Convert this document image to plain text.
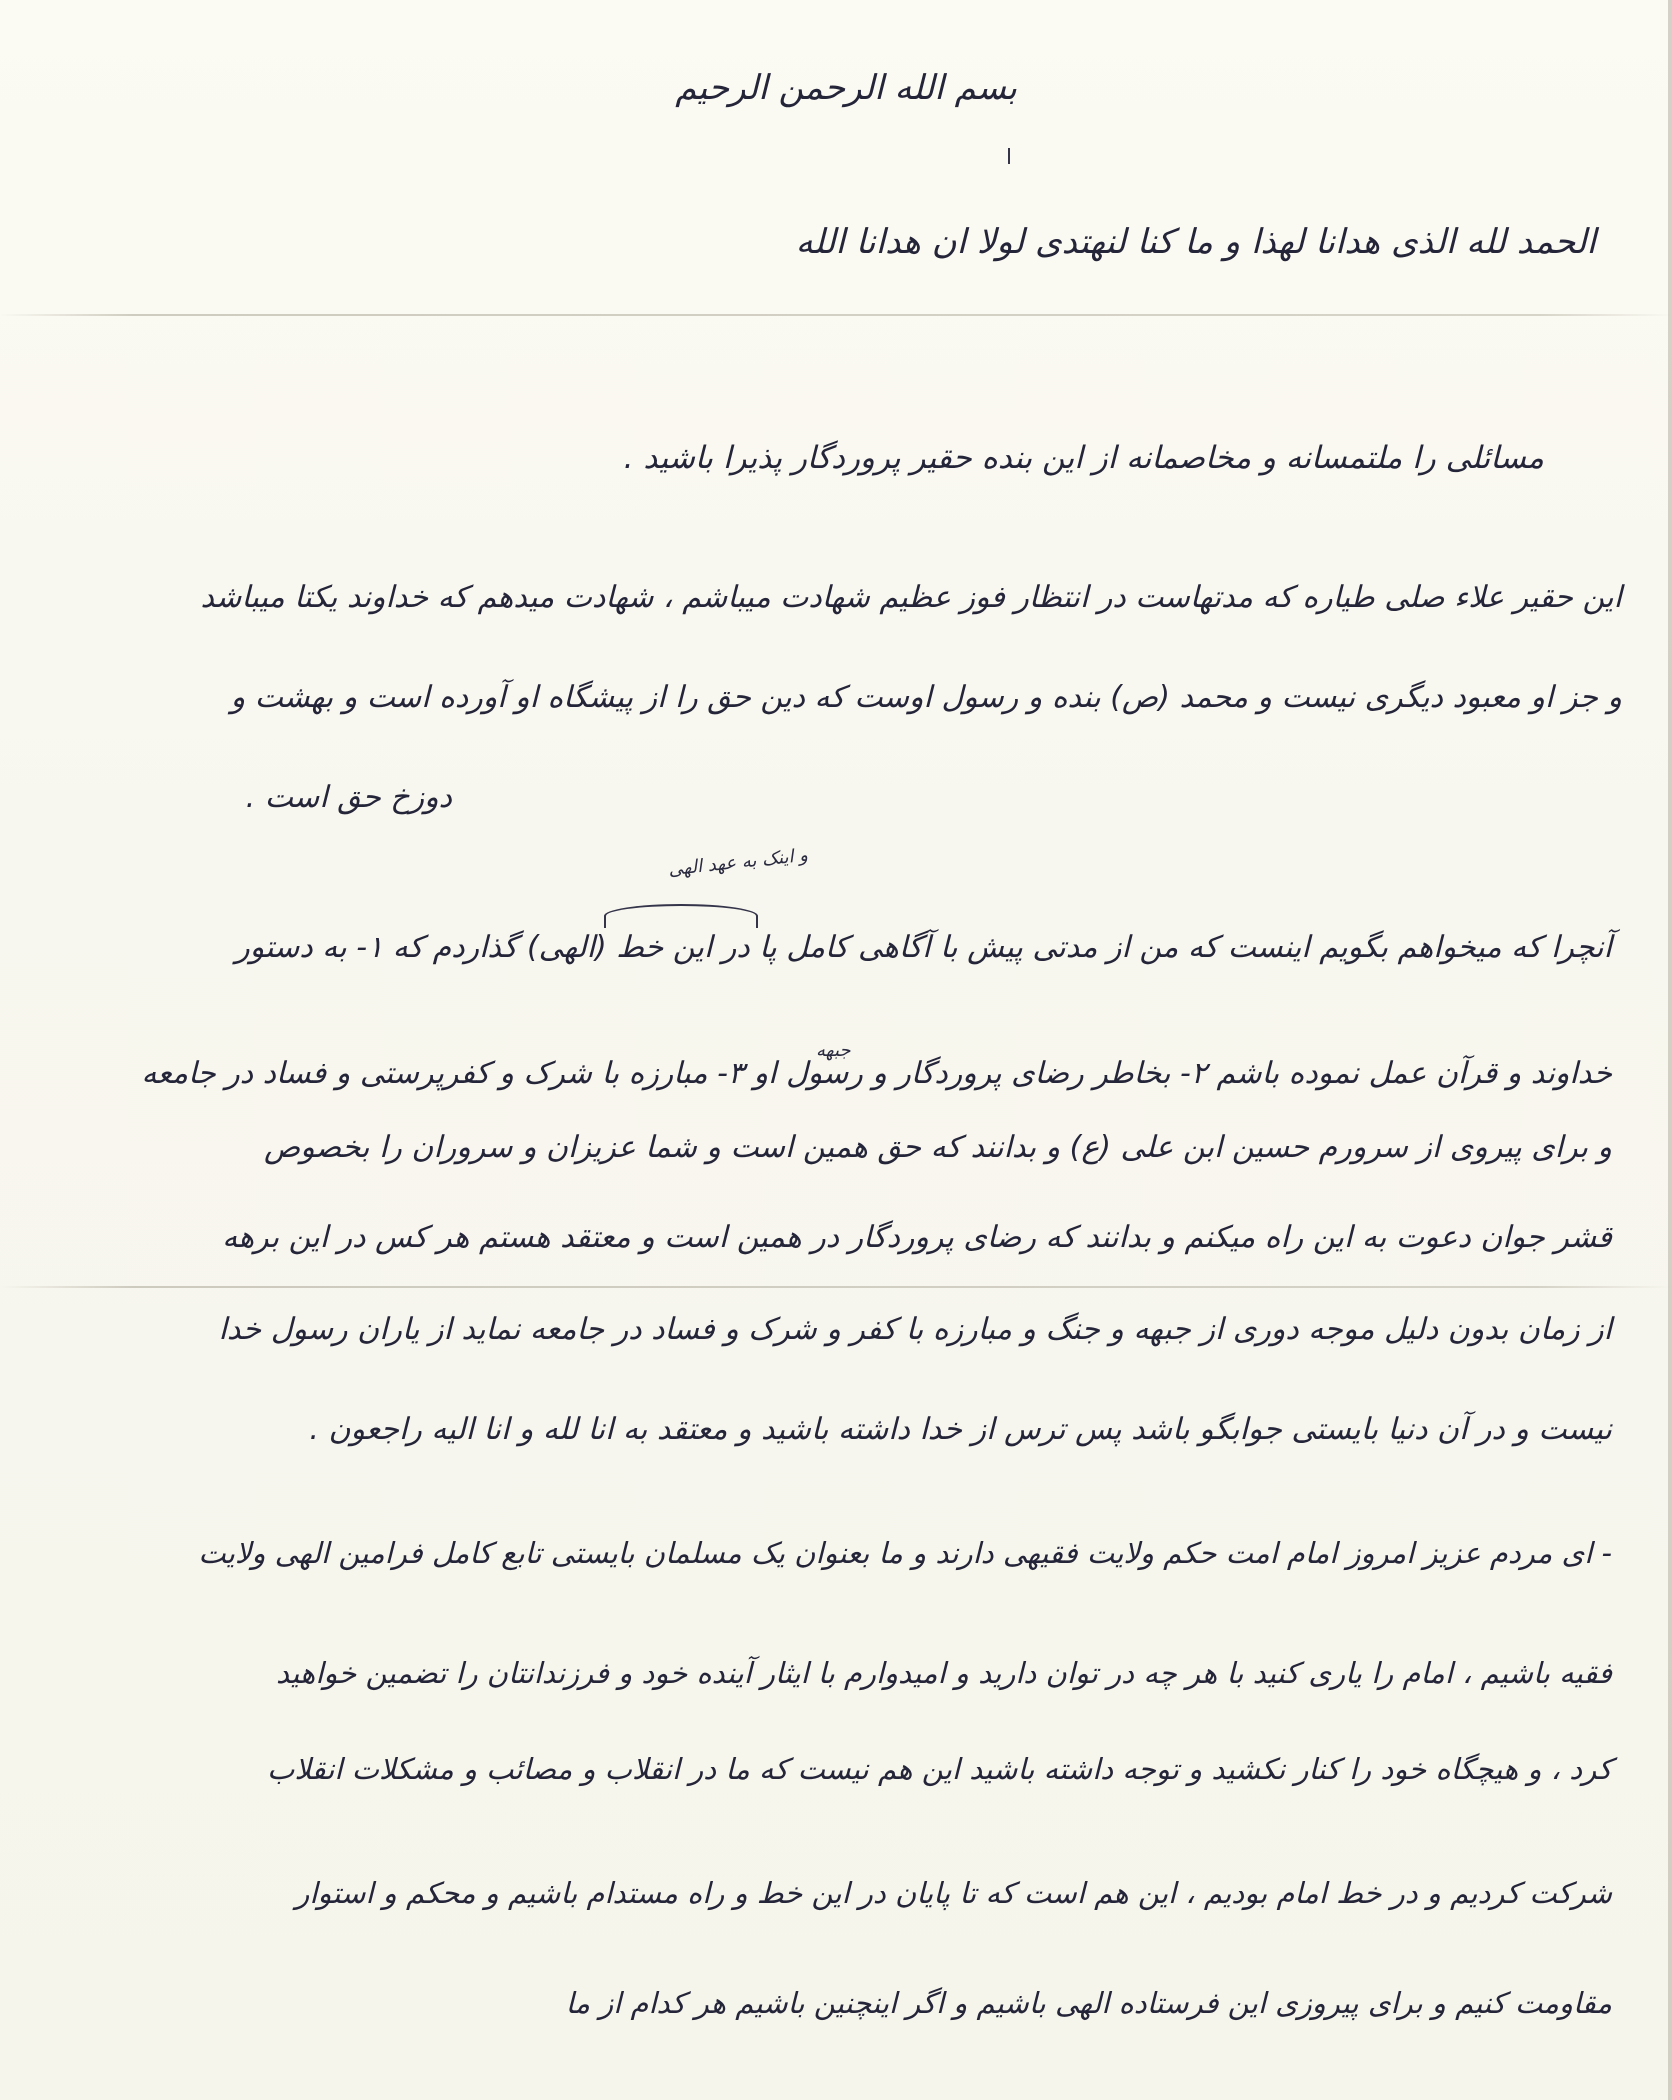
بسم الله الرحمن الرحیم
الحمد لله الذی هدانا لهذا و ما کنا لنهتدی لولا ان هدانا الله
مسائلی را ملتمسانه و مخاصمانه از این بنده حقیر پروردگار پذیرا باشید .
این حقیر علاء صلی طیاره که مدتهاست در انتظار فوز عظیم شهادت میباشم ، شهادت میدهم که خداوند یکتا میباشد
و جز او معبود دیگری نیست و محمد (ص) بنده و رسول اوست که دین حق را از پیشگاه او آورده است و بهشت و
دوزخ حق است .
و اینک به عهد الهی
آنچرا که میخواهم بگویم اینست که من از مدتی پیش با آگاهی کامل پا در این خط (الهی) گذاردم که ۱- به دستور
جبهه
خداوند و قرآن عمل نموده باشم ۲- بخاطر رضای پروردگار و رسول او ۳- مبارزه با شرک و کفرپرستی و فساد در جامعه
و برای پیروی از سرورم حسین ابن علی (ع) و بدانند که حق همین است و شما عزیزان و سروران را بخصوص
قشر جوان دعوت به این راه میکنم و بدانند که رضای پروردگار در همین است و معتقد هستم هر کس در این برهه
از زمان بدون دلیل موجه دوری از جبهه و جنگ و مبارزه با کفر و شرک و فساد در جامعه نماید از یاران رسول خدا
نیست و در آن دنیا بایستی جوابگو باشد پس ترس از خدا داشته باشید و معتقد به انا لله و انا الیه راجعون .
- ای مردم عزیز امروز امام امت حکم ولایت فقیهی دارند و ما بعنوان یک مسلمان بایستی تابع کامل فرامین الهی ولایت
فقیه باشیم ، امام را یاری کنید با هر چه در توان دارید و امیدوارم با ایثار آینده خود و فرزندانتان را تضمین خواهید
کرد ، و هیچگاه خود را کنار نکشید و توجه داشته باشید این هم نیست که ما در انقلاب و مصائب و مشکلات انقلاب
شرکت کردیم و در خط امام بودیم ، این هم است که تا پایان در این خط و راه مستدام باشیم و محکم و استوار
مقاومت کنیم و برای پیروزی این فرستاده الهی باشیم و اگر اینچنین باشیم هر کدام از ما
